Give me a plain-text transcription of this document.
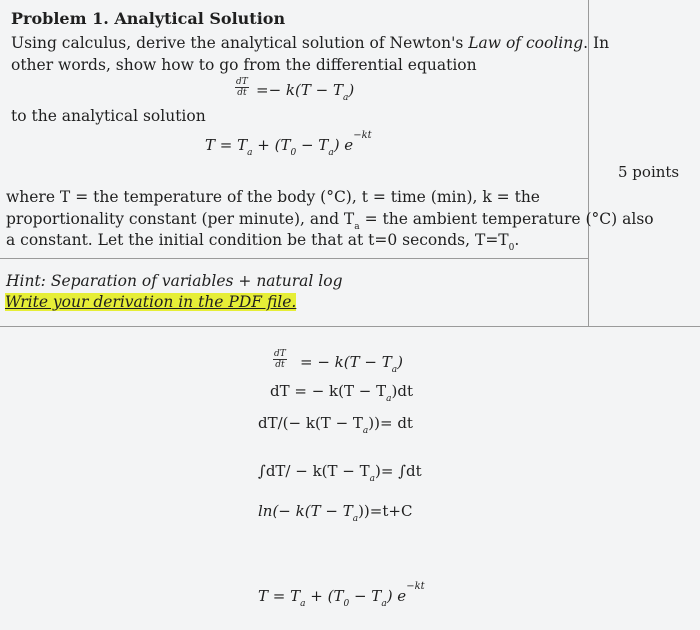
Problem 1. Analytical Solution
Using calculus, derive the analytical solution of Newton's Law of cooling. In
other words, show how to go from the differential equation
$\frac{dT}{dt} =- k(T - T_a)$
to the analytical solution
$T = T_a + (T_0 - T_a)$ $e^{-kt}$
where T = the temperature of the body (°C), t = time (min), k = the
proportionality constant (per minute), and $T_a$ = the ambient temperature (°C) also
a constant. Let the initial condition be that at t=0 seconds, $T=T_0$.
Hint: Separation of variables + natural log
Write your derivation in the PDF file.
5 points
$\frac{dT}{dt}$ = − $k(T - T_a)$
dT = − $k(T - T_a)dt$
$dT/(- k(T - T_a))=$ dt
$\int dT/ - k(T - T_a)= \int dt$
$\ln(- k(T - T_a))=t+C$
$T = T_a + (T_0 - T_a)$ $e^{-kt}$
